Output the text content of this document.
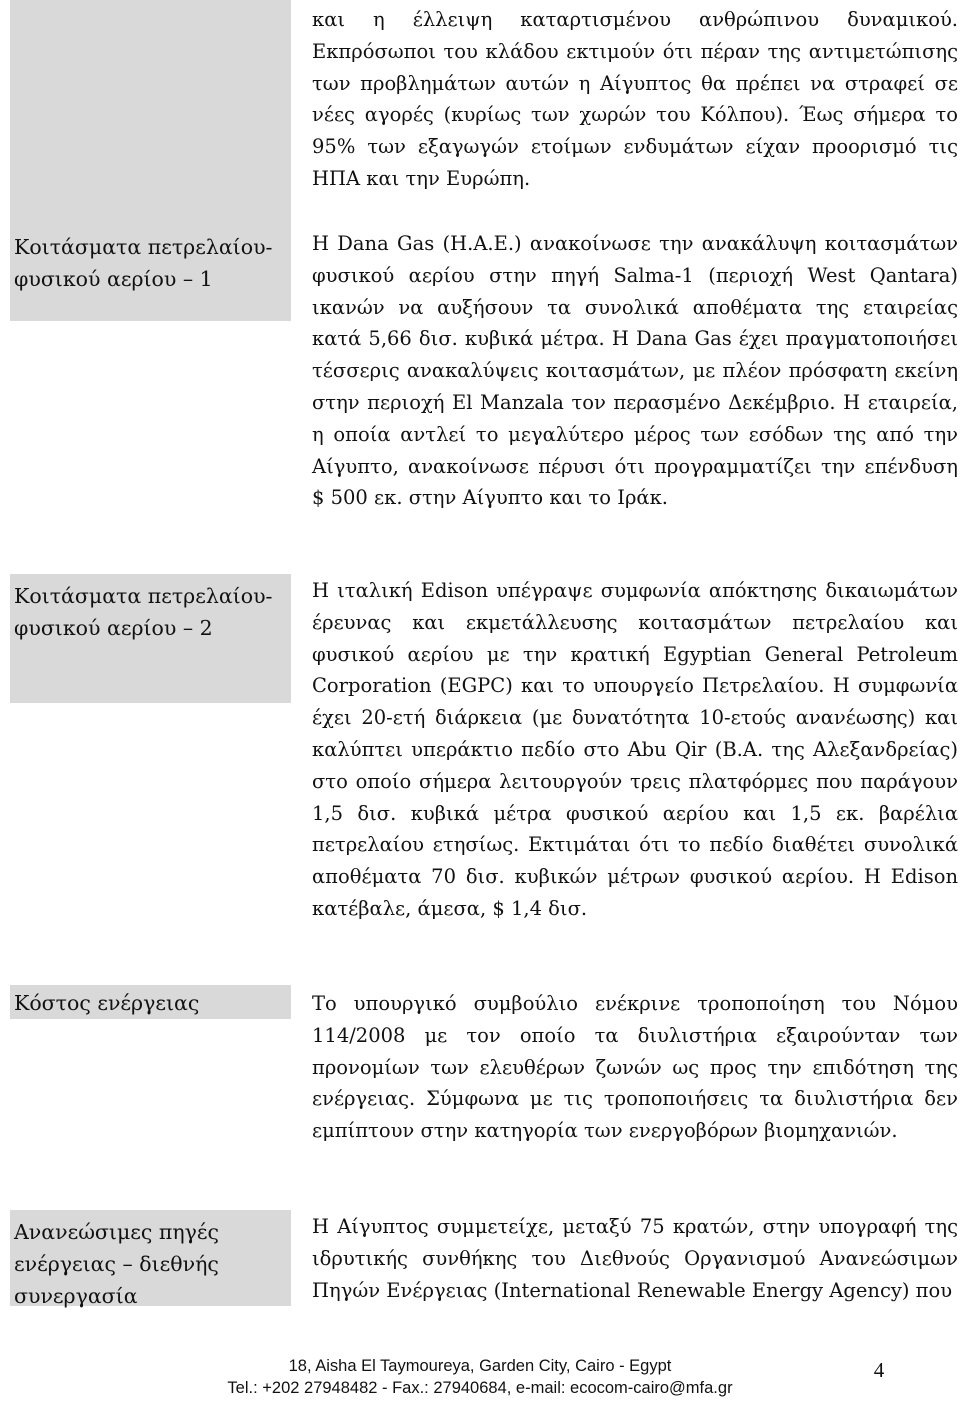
Κοιτάσματα πετρελαίου-φυσικού αερίου – 1
Κοιτάσματα πετρελαίου-φυσικού αερίου – 2
Κόστος ενέργειας
Ανανεώσιμες πηγές ενέργειας – διεθνής συνεργασία

και η έλλειψη καταρτισμένου ανθρώπινου δυναμικού. Εκπρόσωποι του κλάδου εκτιμούν ότι πέραν της αντιμετώπισης των προβλημάτων αυτών η Αίγυπτος θα πρέπει να στραφεί σε νέες αγορές (κυρίως των χωρών του Κόλπου). Έως σήμερα το 95% των εξαγωγών ετοίμων ενδυμάτων είχαν προορισμό τις ΗΠΑ και την Ευρώπη.

Η Dana Gas (Η.Α.Ε.) ανακοίνωσε την ανακάλυψη κοιτασμάτων φυσικού αερίου στην πηγή Salma-1 (περιοχή West Qantara) ικανών να αυξήσουν τα συνολικά αποθέματα της εταιρείας κατά 5,66 δισ. κυβικά μέτρα. Η Dana Gas έχει πραγματοποιήσει τέσσερις ανακαλύψεις κοιτασμάτων, με πλέον πρόσφατη εκείνη στην περιοχή El Manzala τον περασμένο Δεκέμβριο. Η εταιρεία, η οποία αντλεί το μεγαλύτερο μέρος των εσόδων της από την Αίγυπτο, ανακοίνωσε πέρυσι ότι προγραμματίζει την επένδυση $ 500 εκ. στην Αίγυπτο και το Ιράκ.

Η ιταλική Edison υπέγραψε συμφωνία απόκτησης δικαιωμάτων έρευνας και εκμετάλλευσης κοιτασμάτων πετρελαίου και φυσικού αερίου με την κρατική Egyptian General Petroleum Corporation (EGPC) και το υπουργείο Πετρελαίου. Η συμφωνία έχει 20-ετή διάρκεια (με δυνατότητα 10-ετούς ανανέωσης) και καλύπτει υπεράκτιο πεδίο στο Abu Qir (Β.Α. της Αλεξανδρείας) στο οποίο σήμερα λειτουργούν τρεις πλατφόρμες που παράγουν 1,5 δισ. κυβικά μέτρα φυσικού αερίου και 1,5 εκ. βαρέλια πετρελαίου ετησίως. Εκτιμάται ότι το πεδίο διαθέτει συνολικά αποθέματα 70 δισ. κυβικών μέτρων φυσικού αερίου. Η Edison κατέβαλε, άμεσα, $ 1,4 δισ.

Το υπουργικό συμβούλιο ενέκρινε τροποποίηση του Νόμου 114/2008 με τον οποίο τα διυλιστήρια εξαιρούνταν των προνομίων των ελευθέρων ζωνών ως προς την επιδότηση της ενέργειας. Σύμφωνα με τις τροποποιήσεις τα διυλιστήρια δεν εμπίπτουν στην κατηγορία των ενεργοβόρων βιομηχανιών.

Η Αίγυπτος συμμετείχε, μεταξύ 75 κρατών, στην υπογραφή της ιδρυτικής συνθήκης του Διεθνούς Οργανισμού Ανανεώσιμων Πηγών Ενέργειας (International Renewable Energy Agency) που

18, Aisha El Taymoureya, Garden City, Cairo - Egypt
Tel.: +202 27948482 - Fax.: 27940684, e-mail: ecocom-cairo@mfa.gr
4
